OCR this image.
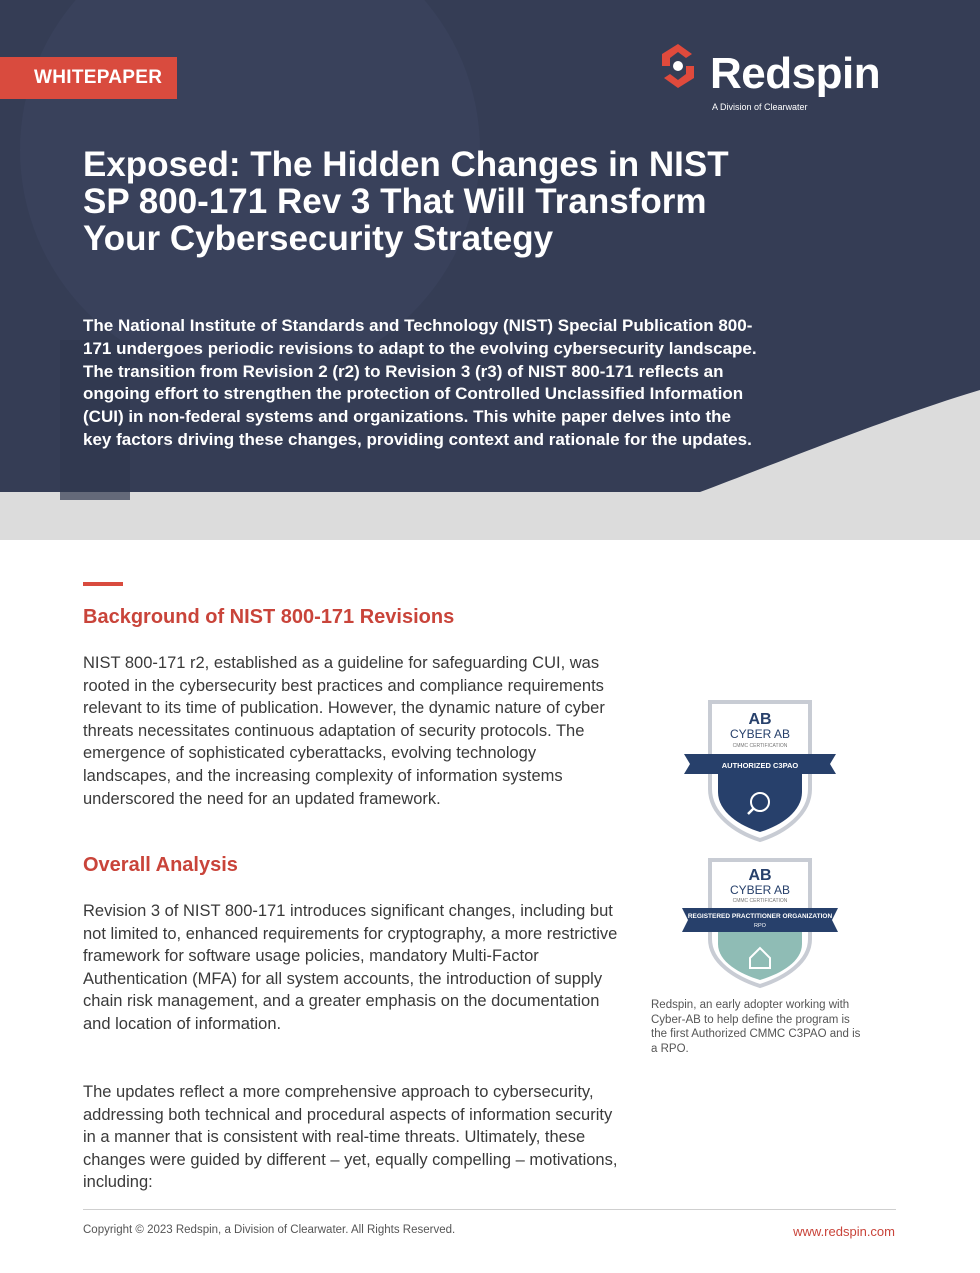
WHITEPAPER	Redspin
A Division of Clearwater
Exposed: The Hidden Changes in NIST SP 800-171 Rev 3 That Will Transform Your Cybersecurity Strategy

The National Institute of Standards and Technology (NIST) Special Publication 800-171 undergoes periodic revisions to adapt to the evolving cybersecurity landscape. The transition from Revision 2 (r2) to Revision 3 (r3) of NIST 800-171 reflects an ongoing effort to strengthen the protection of Controlled Unclassified Information (CUI) in non-federal systems and organizations. This white paper delves into the key factors driving these changes, providing context and rationale for the updates.

Background of NIST 800-171 Revisions

NIST 800-171 r2, established as a guideline for safeguarding CUI, was rooted in the cybersecurity best practices and compliance requirements relevant to its time of publication. However, the dynamic nature of cyber threats necessitates continuous adaptation of security protocols. The emergence of sophisticated cyberattacks, evolving technology landscapes, and the increasing complexity of information systems underscored the need for an updated framework.

Overall Analysis

Revision 3 of NIST 800-171 introduces significant changes, including but not limited to, enhanced requirements for cryptography, a more restrictive framework for software usage policies, mandatory Multi-Factor Authentication (MFA) for all system accounts, the introduction of supply chain risk management, and a greater emphasis on the documentation and location of information.

The updates reflect a more comprehensive approach to cybersecurity, addressing both technical and procedural aspects of information security in a manner that is consistent with real-time threats. Ultimately, these changes were guided by different – yet, equally compelling – motivations, including:

AB
CYBER AB
CMMC CERTIFICATION
AUTHORIZED C3PAO
AB
CYBER AB
CMMC CERTIFICATION
REGISTERED PRACTITIONER ORGANIZATION
RPO

Redspin, an early adopter working with Cyber-AB to help define the program is the first Authorized CMMC C3PAO and is a RPO.

Copyright © 2023 Redspin, a Division of Clearwater. All Rights Reserved.	www.redspin.com
